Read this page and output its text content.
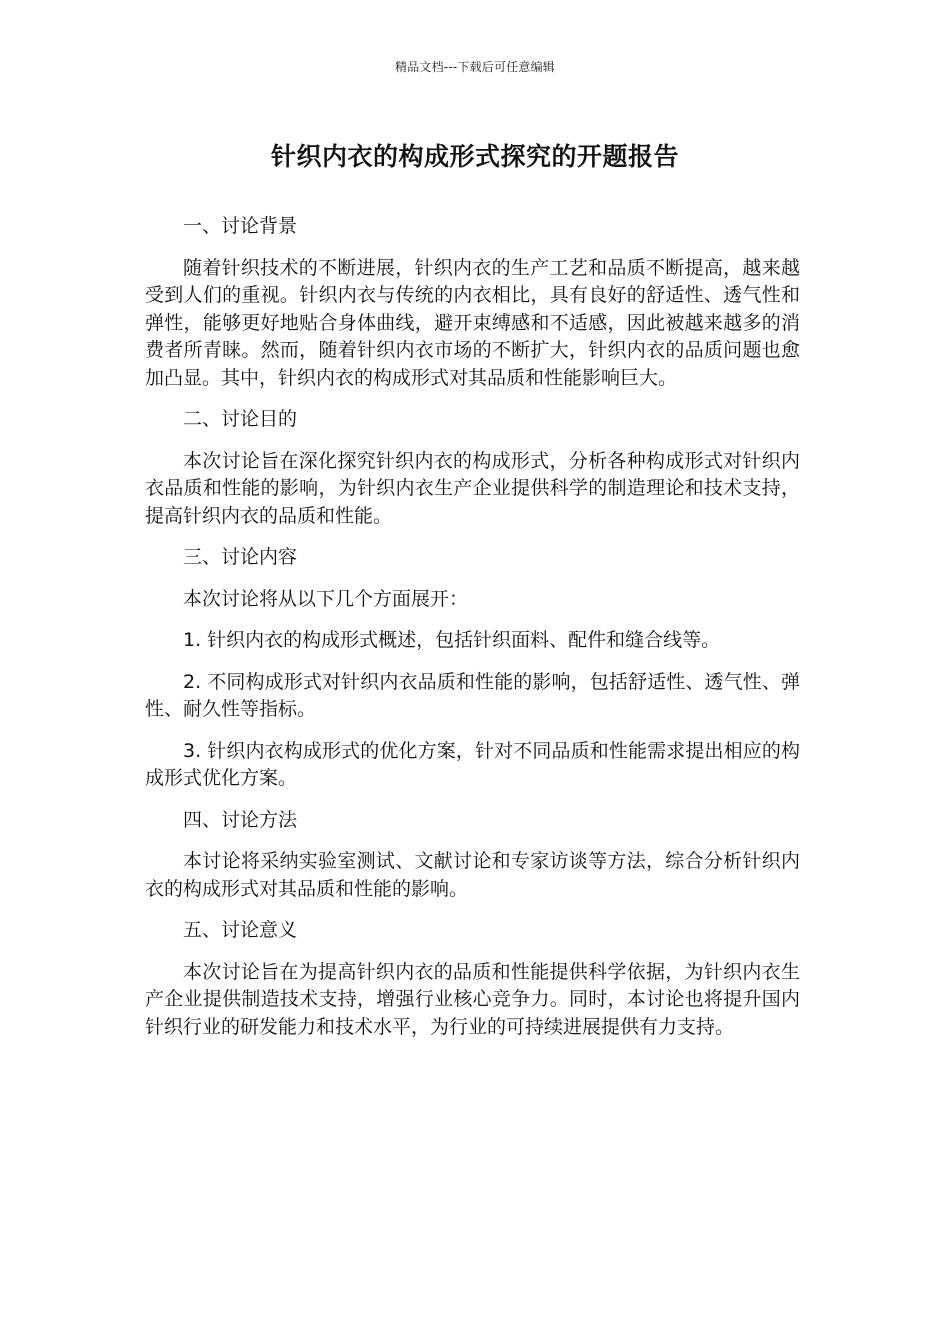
精品文档---下载后可任意编辑
针织内衣的构成形式探究的开题报告

一、讨论背景

随着针织技术的不断进展，针织内衣的生产工艺和品质不断提高，越来越受到人们的重视。针织内衣与传统的内衣相比，具有良好的舒适性、透气性和弹性，能够更好地贴合身体曲线，避开束缚感和不适感，因此被越来越多的消费者所青睐。然而，随着针织内衣市场的不断扩大，针织内衣的品质问题也愈加凸显。其中，针织内衣的构成形式对其品质和性能影响巨大。

二、讨论目的

本次讨论旨在深化探究针织内衣的构成形式，分析各种构成形式对针织内衣品质和性能的影响，为针织内衣生产企业提供科学的制造理论和技术支持，提高针织内衣的品质和性能。

三、讨论内容

本次讨论将从以下几个方面展开：

1. 针织内衣的构成形式概述，包括针织面料、配件和缝合线等。

2. 不同构成形式对针织内衣品质和性能的影响，包括舒适性、透气性、弹性、耐久性等指标。

3. 针织内衣构成形式的优化方案，针对不同品质和性能需求提出相应的构成形式优化方案。

四、讨论方法

本讨论将采纳实验室测试、文献讨论和专家访谈等方法，综合分析针织内衣的构成形式对其品质和性能的影响。

五、讨论意义

本次讨论旨在为提高针织内衣的品质和性能提供科学依据，为针织内衣生产企业提供制造技术支持，增强行业核心竞争力。同时，本讨论也将提升国内针织行业的研发能力和技术水平，为行业的可持续进展提供有力支持。
